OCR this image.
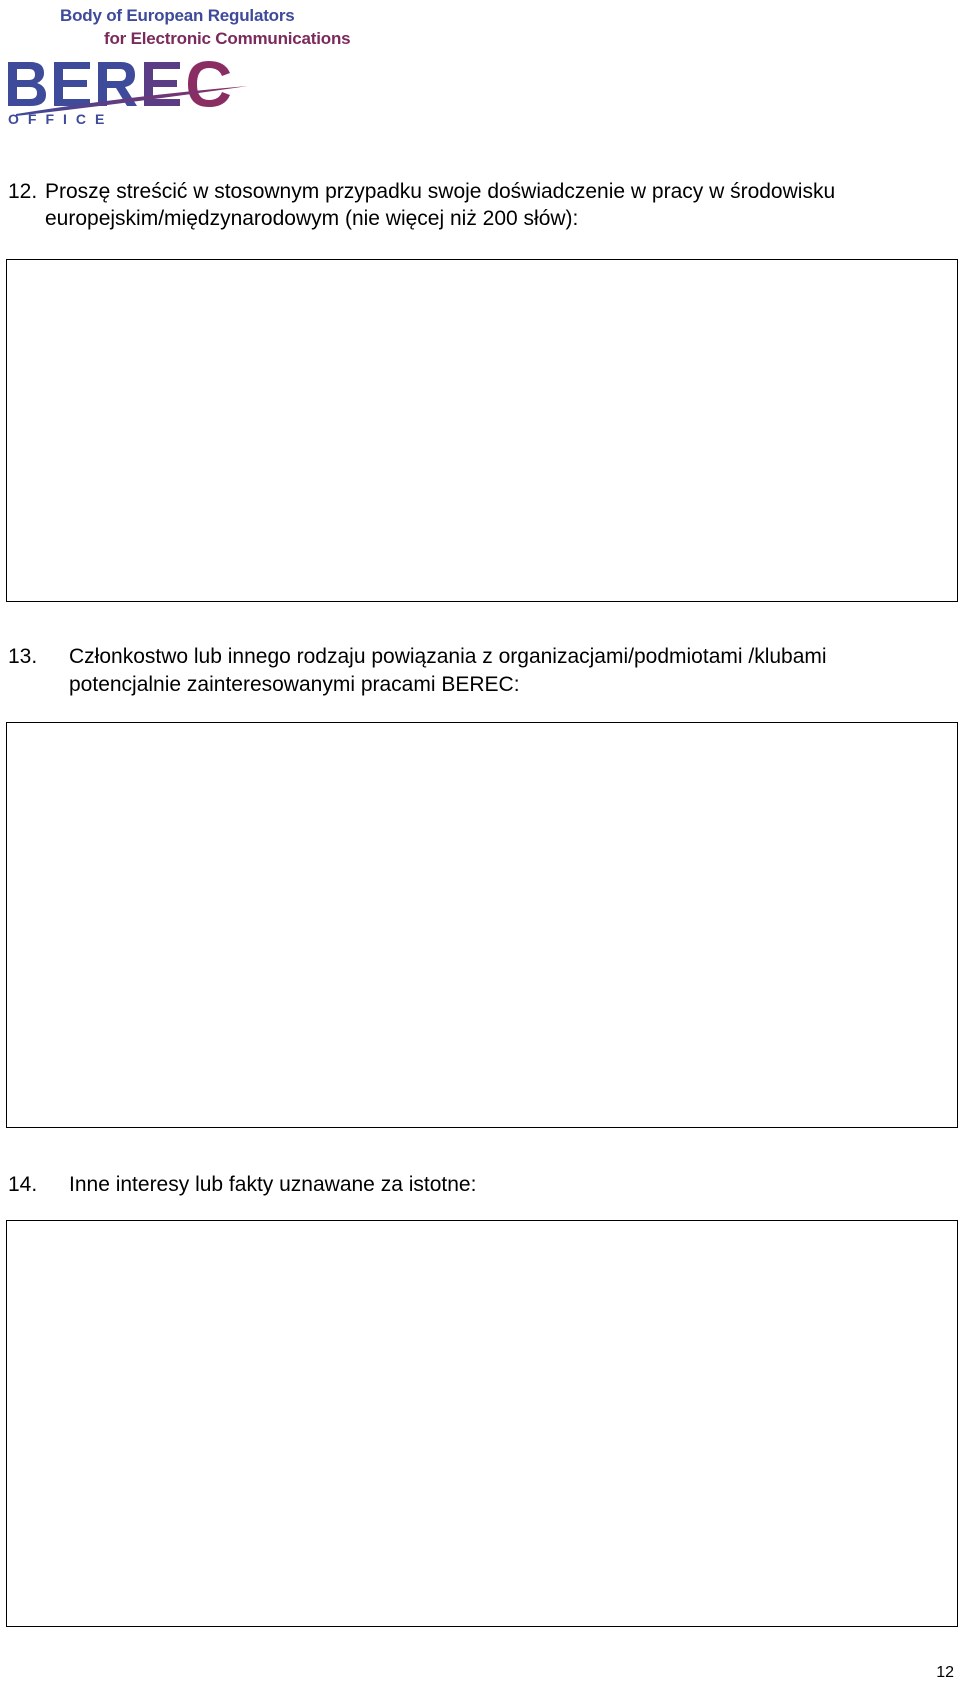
Body of European Regulators
for Electronic Communications
OFFICE
12. Proszę streścić w stosownym przypadku swoje doświadczenie w pracy w środowisku
europejskim/międzynarodowym (nie więcej niż 200 słów):
13. Członkostwo lub innego rodzaju powiązania z organizacjami/podmiotami /klubami
potencjalnie zainteresowanymi pracami BEREC:
14. Inne interesy lub fakty uznawane za istotne:
12
